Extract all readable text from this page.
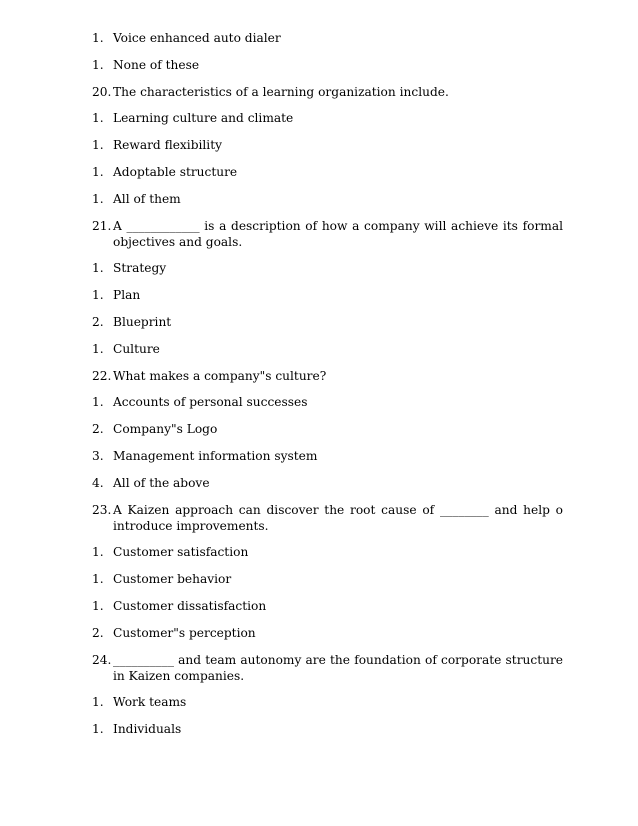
1. Voice enhanced auto dialer
1. None of these
20. The characteristics of a learning organization include.
1. Learning culture and climate
1. Reward flexibility
1. Adoptable structure
1. All of them
21. A ____________ is a description of how a company will achieve its formal objectives and goals.
1. Strategy
1. Plan
2. Blueprint
1. Culture
22. What makes a company"s culture?
1. Accounts of personal successes
2. Company"s Logo
3. Management information system
4. All of the above
23. A Kaizen approach can discover the root cause of ________ and help o introduce improvements.
1. Customer satisfaction
1. Customer behavior
1. Customer dissatisfaction
2. Customer"s perception
24. __________ and team autonomy are the foundation of corporate structure in Kaizen companies.
1. Work teams
1. Individuals
